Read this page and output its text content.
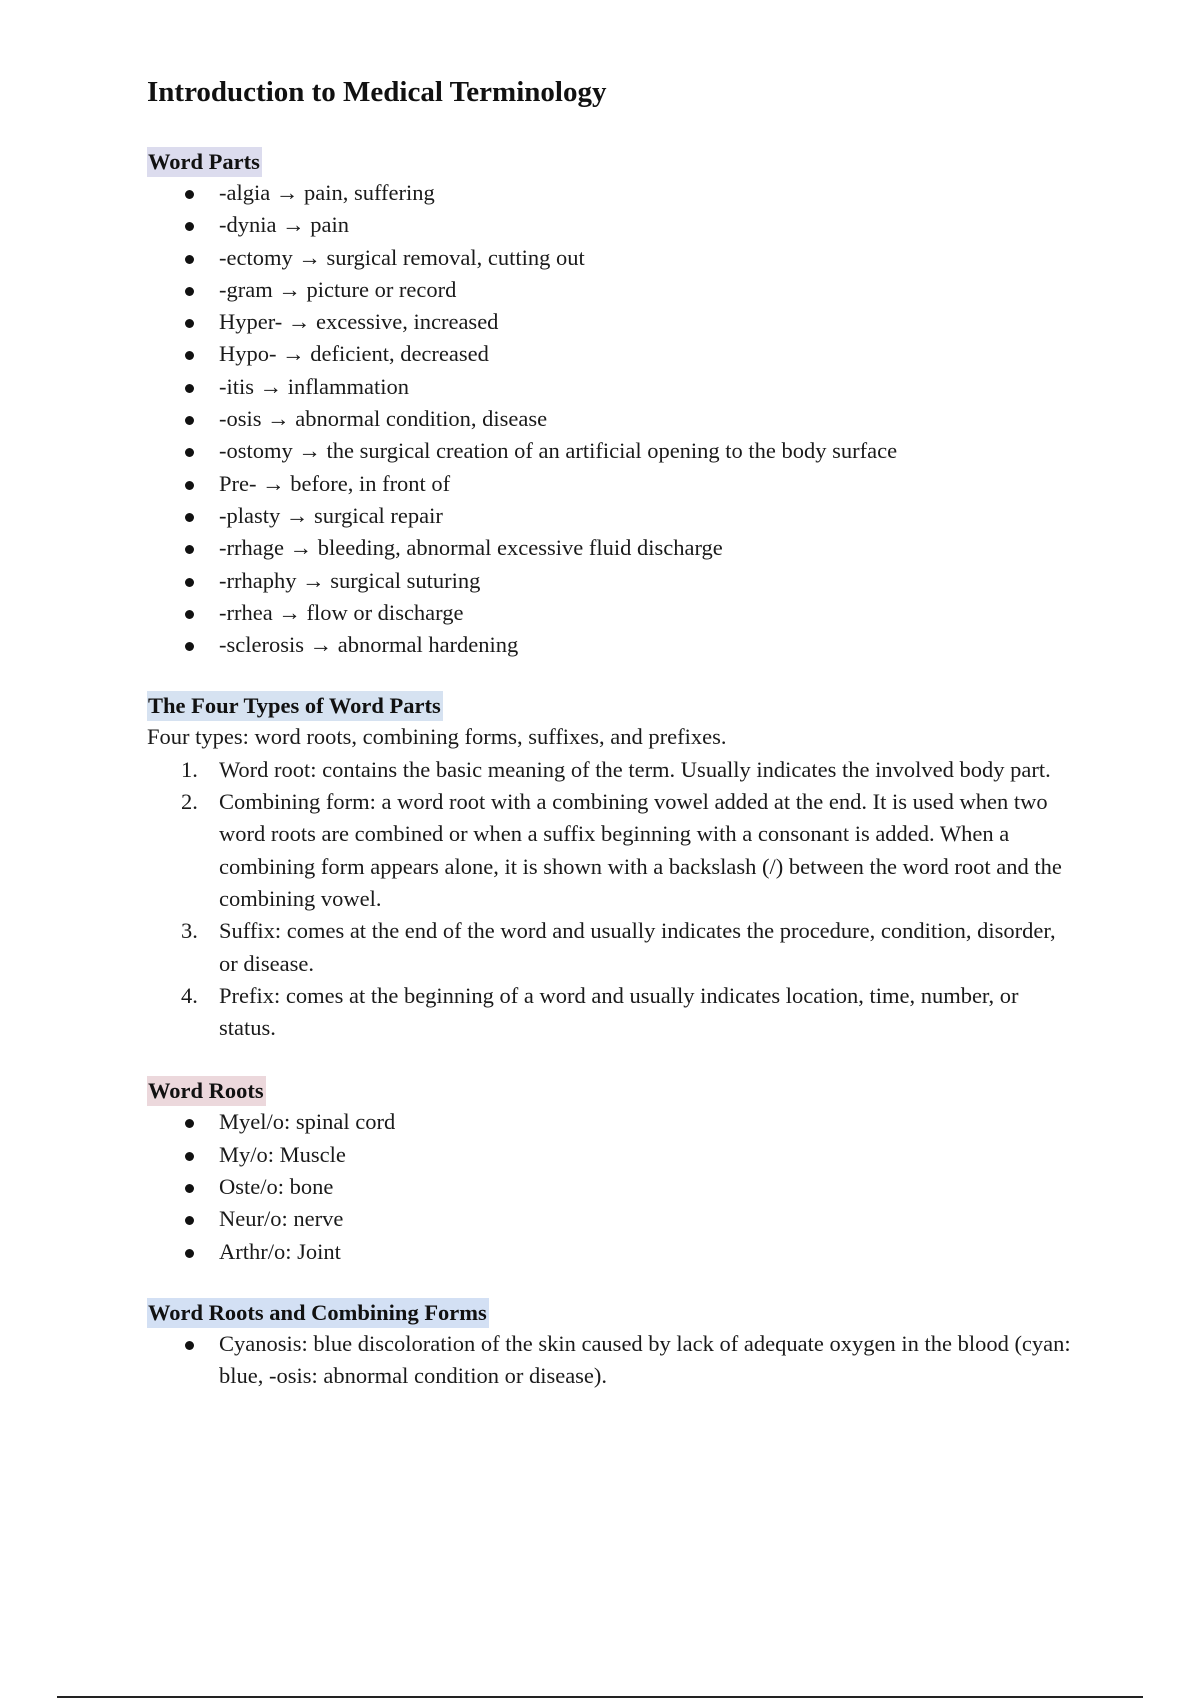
Introduction to Medical Terminology
Word Parts
-algia → pain, suffering
-dynia → pain
-ectomy → surgical removal, cutting out
-gram → picture or record
Hyper- → excessive, increased
Hypo- → deficient, decreased
-itis → inflammation
-osis → abnormal condition, disease
-ostomy → the surgical creation of an artificial opening to the body surface
Pre- → before, in front of
-plasty → surgical repair
-rrhage → bleeding, abnormal excessive fluid discharge
-rrhaphy → surgical suturing
-rrhea → flow or discharge
-sclerosis → abnormal hardening
The Four Types of Word Parts

Four types: word roots, combining forms, suffixes, and prefixes.

1. Word root: contains the basic meaning of the term. Usually indicates the involved body part.
2. Combining form: a word root with a combining vowel added at the end. It is used when two word roots are combined or when a suffix beginning with a consonant is added. When a combining form appears alone, it is shown with a backslash (/) between the word root and the combining vowel.
3. Suffix: comes at the end of the word and usually indicates the procedure, condition, disorder, or disease.
4. Prefix: comes at the beginning of a word and usually indicates location, time, number, or status.
Word Roots
Myel/o: spinal cord
My/o: Muscle
Oste/o: bone
Neur/o: nerve
Arthr/o: Joint
Word Roots and Combining Forms
Cyanosis: blue discoloration of the skin caused by lack of adequate oxygen in the blood (cyan: blue, -osis: abnormal condition or disease).
